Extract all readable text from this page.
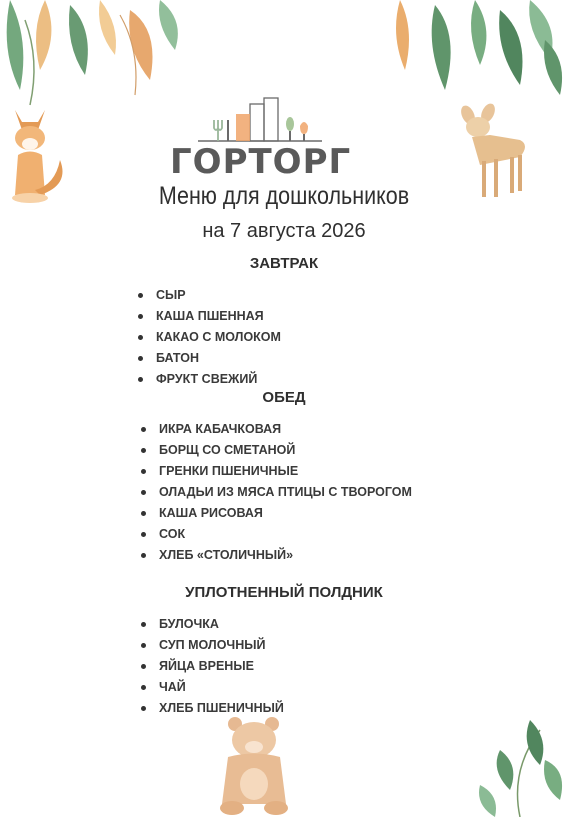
ГОРТОРГ
Меню для дошкольников
на 7 августа 2026
ЗАВТРАК
СЫР
КАША ПШЕННАЯ
КАКАО С МОЛОКОМ
БАТОН
ФРУКТ СВЕЖИЙ
ОБЕД
ИКРА КАБАЧКОВАЯ
БОРЩ СО СМЕТАНОЙ
ГРЕНКИ ПШЕНИЧНЫЕ
ОЛАДЬИ ИЗ МЯСА ПТИЦЫ С ТВОРОГОМ
КАША РИСОВАЯ
СОК
ХЛЕБ «СТОЛИЧНЫЙ»
УПЛОТНЕННЫЙ ПОЛДНИК
БУЛОЧКА
СУП МОЛОЧНЫЙ
ЯЙЦА ВРЕНЫЕ
ЧАЙ
ХЛЕБ ПШЕНИЧНЫЙ
